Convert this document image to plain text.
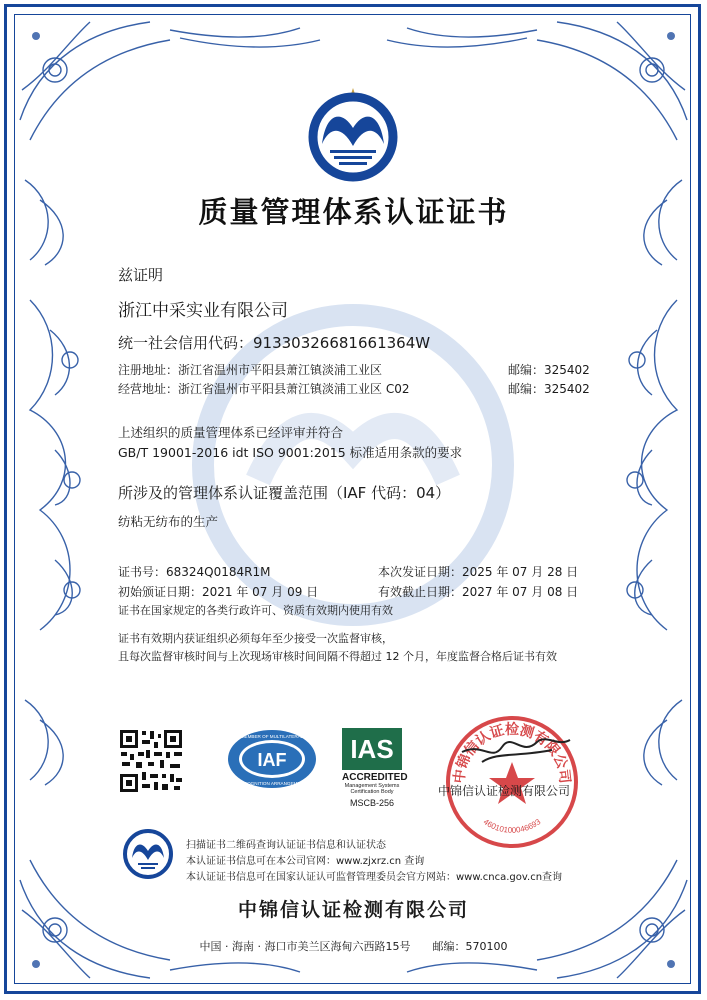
质量管理体系认证证书
兹证明
浙江中采实业有限公司
统一社会信用代码：91330326681661364W
注册地址：浙江省温州市平阳县萧江镇淡浦工业区	邮编：325402
经营地址：浙江省温州市平阳县萧江镇淡浦工业区 C02	邮编：325402
上述组织的质量管理体系已经评审并符合
GB/T 19001-2016 idt ISO 9001:2015 标准适用条款的要求
所涉及的管理体系认证覆盖范围（IAF 代码：04）
纺粘无纺布的生产
证书号：68324Q0184R1M	本次发证日期：2025 年 07 月 28 日
初始颁证日期：2021 年 07 月 09 日	有效截止日期：2027 年 07 月 08 日
证书在国家规定的各类行政许可、资质有效期内使用有效
证书有效期内获证组织必须每年至少接受一次监督审核，
且每次监督审核时间与上次现场审核时间间隔不得超过 12 个月，年度监督合格后证书有效
IAF
MEMBER OF MULTILATERAL
RECOGNITION ARRANGEMENT
IAS
ACCREDITED
Management Systems
Certification Body
MSCB-256
中锦信认证检测有限公司
46010100046693
中锦信认证检测有限公司
扫描证书二维码查询认证证书信息和认证状态
本认证证书信息可在本公司官网：www.zjxrz.cn 查询
本认证证书信息可在国家认证认可监督管理委员会官方网站：www.cnca.gov.cn查询
中锦信认证检测有限公司
中国 · 海南 · 海口市美兰区海甸六西路15号　　邮编：570100
